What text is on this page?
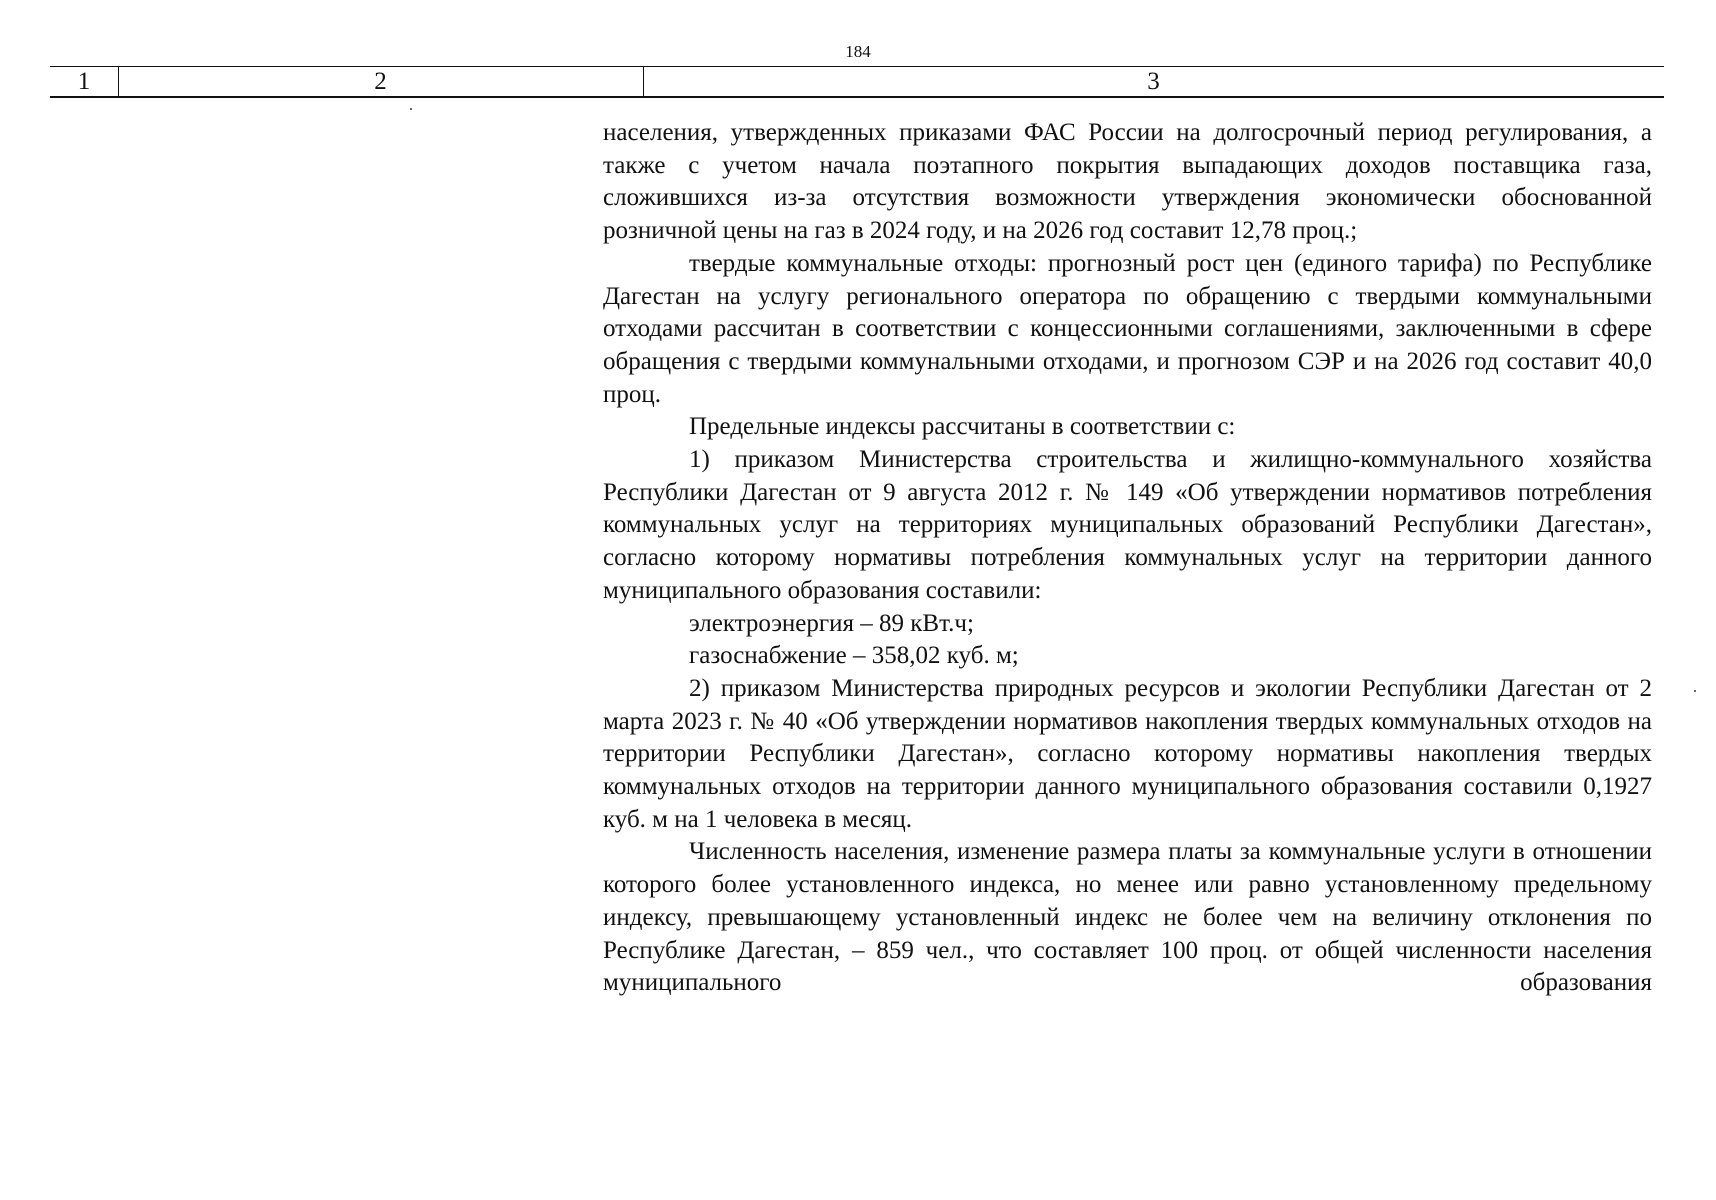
184
1	2	3

населения, утвержденных приказами ФАС России на долгосрочный период регулирования, а также с учетом начала поэтапного покрытия выпадающих доходов поставщика газа, сложившихся из-за отсутствия возможности утверждения экономически обоснованной розничной цены на газ в 2024 году, и на 2026 год составит 12,78 проц.;

твердые коммунальные отходы: прогнозный рост цен (единого тарифа) по Республике Дагестан на услугу регионального оператора по обращению с твердыми коммунальными отходами рассчитан в соответствии с концессионными соглашениями, заключенными в сфере обращения с твердыми коммунальными отходами, и прогнозом СЭР и на 2026 год составит 40,0 проц.

Предельные индексы рассчитаны в соответствии с:

1) приказом Министерства строительства и жилищно-коммунального хозяйства Республики Дагестан от 9 августа 2012 г. № 149 «Об утверждении нормативов потребления коммунальных услуг на территориях муниципальных образований Республики Дагестан», согласно которому нормативы потребления коммунальных услуг на территории данного муниципального образования составили:

электроэнергия – 89 кВт.ч;

газоснабжение – 358,02 куб. м;

2) приказом Министерства природных ресурсов и экологии Республики Дагестан от 2 марта 2023 г. № 40 «Об утверждении нормативов накопления твердых коммунальных отходов на территории Республики Дагестан», согласно которому нормативы накопления твердых коммунальных отходов на территории данного муниципального образования составили 0,1927 куб. м на 1 человека в месяц.

Численность населения, изменение размера платы за коммунальные услуги в отношении которого более установленного индекса, но менее или равно установленному предельному индексу, превышающему установленный индекс не более чем на величину отклонения по Республике Дагестан, – 859 чел., что составляет 100 проц. от общей численности населения муниципального образования
